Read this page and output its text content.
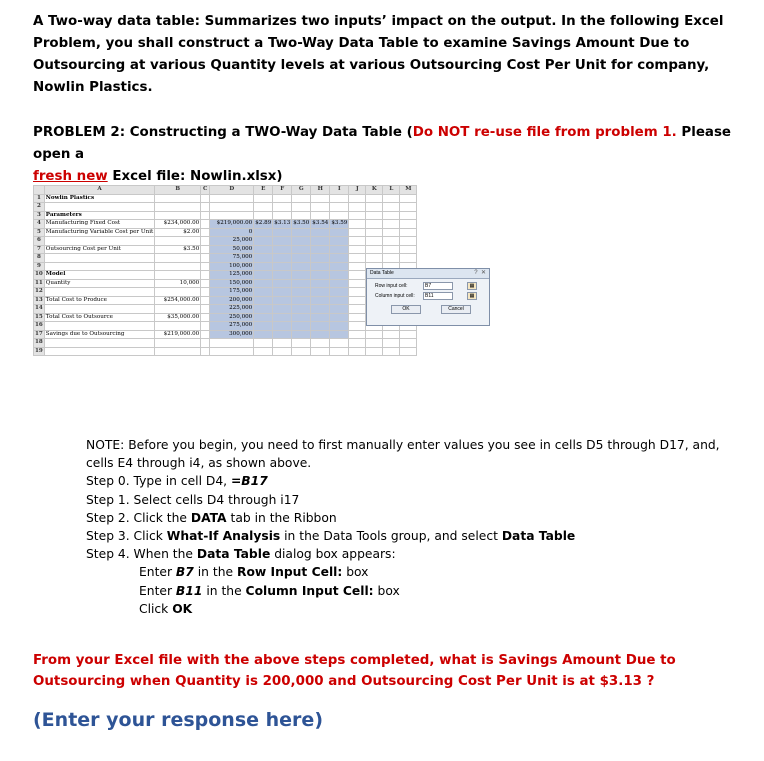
A Two-way data table: Summarizes two inputs’ impact on the output. In the following Excel Problem, you shall construct a Two-Way Data Table to examine Savings Amount Due to Outsourcing at various Quantity levels at various Outsourcing Cost Per Unit for company, Nowlin Plastics.
PROBLEM 2: Constructing a TWO-Way Data Table (Do NOT re-use file from problem 1. Please open a
fresh new Excel file: Nowlin.xlsx)
	A	B	C	D	E	F	G	H	I	J	K	L	M
1	Nowlin Plastics												
2													
3	Parameters												
4	Manufacturing Fixed Cost	$234,000.00		$219,000.00	$2.89	$3.13	$3.50	$3.54	$3.59				
5	Manufacturing Variable Cost per Unit	$2.00		0									
6				25,000									
7	Outsourcing Cost per Unit	$3.50		50,000									
8				75,000									
9				100,000									
10	Model			125,000									
11	Quantity	10,000		150,000									
12				175,000									
13	Total Cost to Produce	$254,000.00		200,000									
14				225,000									
15	Total Cost to Outsource	$35,000.00		250,000									
16				275,000									
17	Savings due to Outsourcing	$219,000.00		300,000									
18													
19													
Data Table	? ✕
Row input cell:	B7	▦
Column input cell:	B11	▦
OK	Cancel

NOTE: Before you begin, you need to first manually enter values you see in cells D5 through D17, and, cells E4 through i4, as shown above.

Step 0. Type in cell D4, =B17

Step 1. Select cells D4 through i17

Step 2. Click the DATA tab in the Ribbon

Step 3. Click What-If Analysis in the Data Tools group, and select Data Table

Step 4. When the Data Table dialog box appears:

Enter B7 in the Row Input Cell: box

Enter B11 in the Column Input Cell: box

Click OK

From your Excel file with the above steps completed, what is Savings Amount Due to Outsourcing when Quantity is 200,000 and Outsourcing Cost Per Unit is at $3.13 ?
(Enter your response here)
